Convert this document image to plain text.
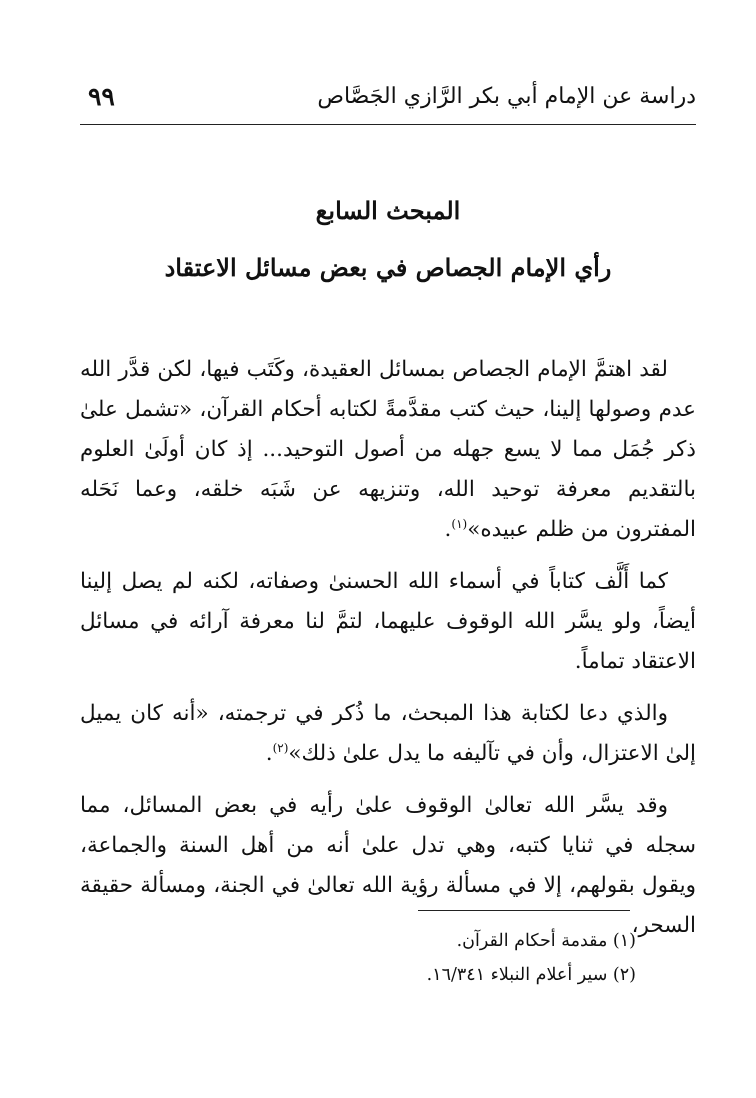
دراسة عن الإمام أبي بكر الرَّازي الجَصَّاص
٩٩
المبحث السابع
رأي الإمام الجصاص في بعض مسائل الاعتقاد

لقد اهتمَّ الإمام الجصاص بمسائل العقيدة، وكَتَب فيها، لكن قدَّر الله عدم وصولها إلينا، حيث كتب مقدَّمةً لكتابه أحكام القرآن، «تشمل علىٰ ذكر جُمَل مما لا يسع جهله من أصول التوحيد... إذ كان أولَىٰ العلوم بالتقديم معرفة توحيد الله، وتنزيهه عن شَبَه خلقه، وعما نَحَله المفترون من ظلم عبيده»$^{(١)}$.

كما أَلَّف كتاباً في أسماء الله الحسنىٰ وصفاته، لكنه لم يصل إلينا أيضاً، ولو يسَّر الله الوقوف عليهما، لتمَّ لنا معرفة آرائه في مسائل الاعتقاد تماماً.

والذي دعا لكتابة هذا المبحث، ما ذُكر في ترجمته، «أنه كان يميل إلىٰ الاعتزال، وأن في تآليفه ما يدل علىٰ ذلك»$^{(٢)}$.

وقد يسَّر الله تعالىٰ الوقوف علىٰ رأيه في بعض المسائل، مما سجله في ثنايا كتبه، وهي تدل علىٰ أنه من أهل السنة والجماعة، ويقول بقولهم، إلا في مسألة رؤية الله تعالىٰ في الجنة، ومسألة حقيقة السحر،

(١) مقدمة أحكام القرآن.

(٢) سير أعلام النبلاء ١٦/٣٤١.
